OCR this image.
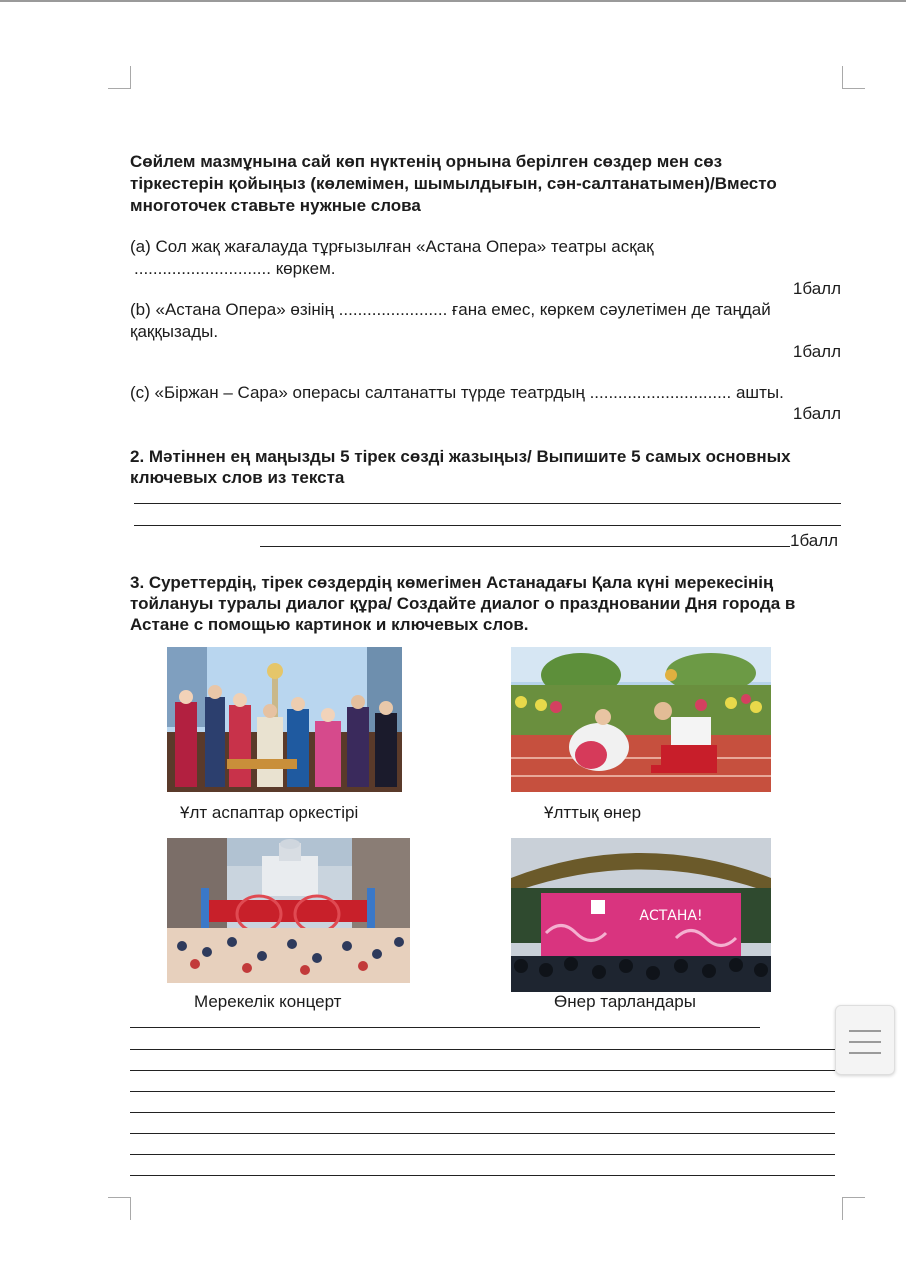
Сөйлем мазмұнына сай көп нүктенің орнына берілген сөздер мен сөз
тіркестерін қойыңыз (көлемімен, шымылдығын, сән-салтанатымен)/Вместо
многоточек ставьте нужные слова
(a) Сол жақ жағалауда тұрғызылған «Астана Опера» театры асқақ
............................. көркем.
1балл
(b) «Астана Опера» өзінің ....................... ғана емес, көркем сәулетімен де таңдай
қаққызады.
1балл
(c) «Біржан – Сара» операсы салтанатты түрде театрдың .............................. ашты.
1балл
2. Мәтіннен ең маңызды 5 тірек сөзді жазыңыз/ Выпишите 5 самых основных
ключевых слов из текста
1балл
3. Суреттердің, тірек сөздердің көмегімен Астанадағы Қала күні мерекесінің
тойлануы туралы диалог құра/ Создайте диалог о праздновании Дня города в
Астане с помощью картинок и ключевых слов.
Ұлт аспаптар оркестірі	Ұлттық өнер
Мерекелік концерт
АСТАНА!
Өнер тарландары
